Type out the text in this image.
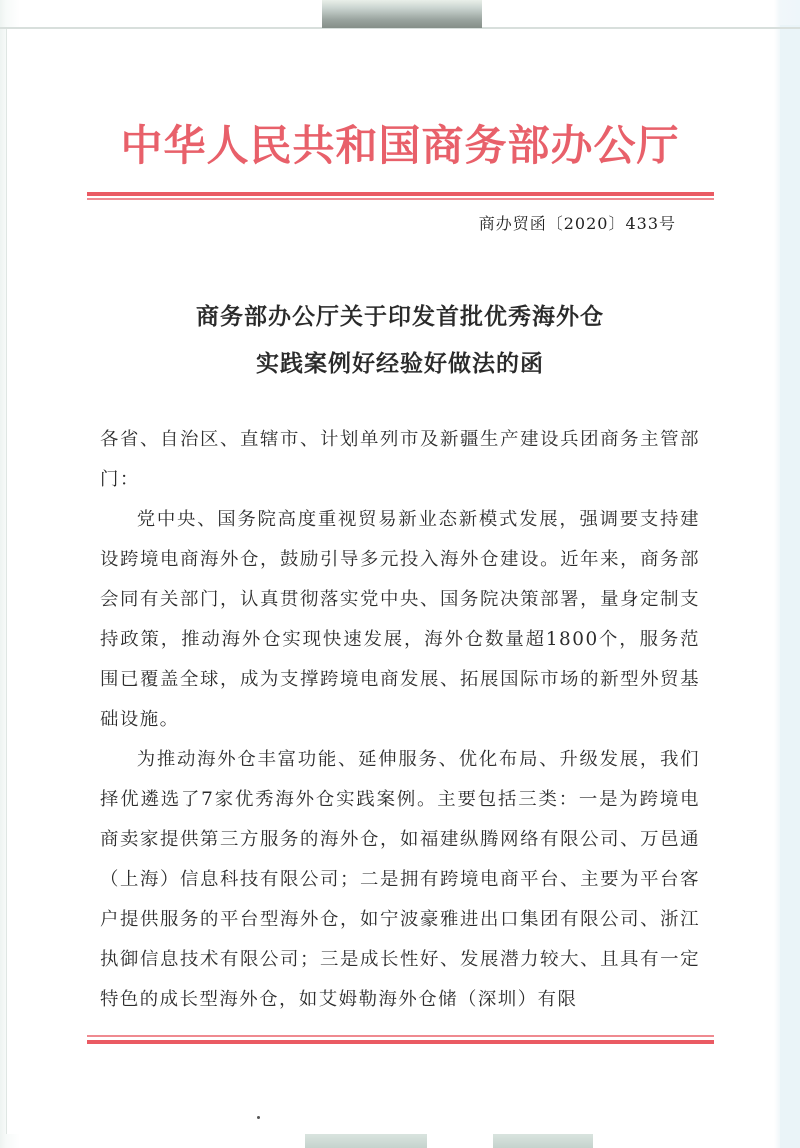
中华人民共和国商务部办公厅
商办贸函〔2020〕433号
商务部办公厅关于印发首批优秀海外仓
实践案例好经验好做法的函

各省、自治区、直辖市、计划单列市及新疆生产建设兵团商务主管部门：

党中央、国务院高度重视贸易新业态新模式发展，强调要支持建设跨境电商海外仓，鼓励引导多元投入海外仓建设。近年来，商务部会同有关部门，认真贯彻落实党中央、国务院决策部署，量身定制支持政策，推动海外仓实现快速发展，海外仓数量超1800个，服务范围已覆盖全球，成为支撑跨境电商发展、拓展国际市场的新型外贸基础设施。

为推动海外仓丰富功能、延伸服务、优化布局、升级发展，我们择优遴选了7家优秀海外仓实践案例。主要包括三类：一是为跨境电商卖家提供第三方服务的海外仓，如福建纵腾网络有限公司、万邑通（上海）信息科技有限公司；二是拥有跨境电商平台、主要为平台客户提供服务的平台型海外仓，如宁波豪雅进出口集团有限公司、浙江执御信息技术有限公司；三是成长性好、发展潜力较大、且具有一定特色的成长型海外仓，如艾姆勒海外仓储（深圳）有限
